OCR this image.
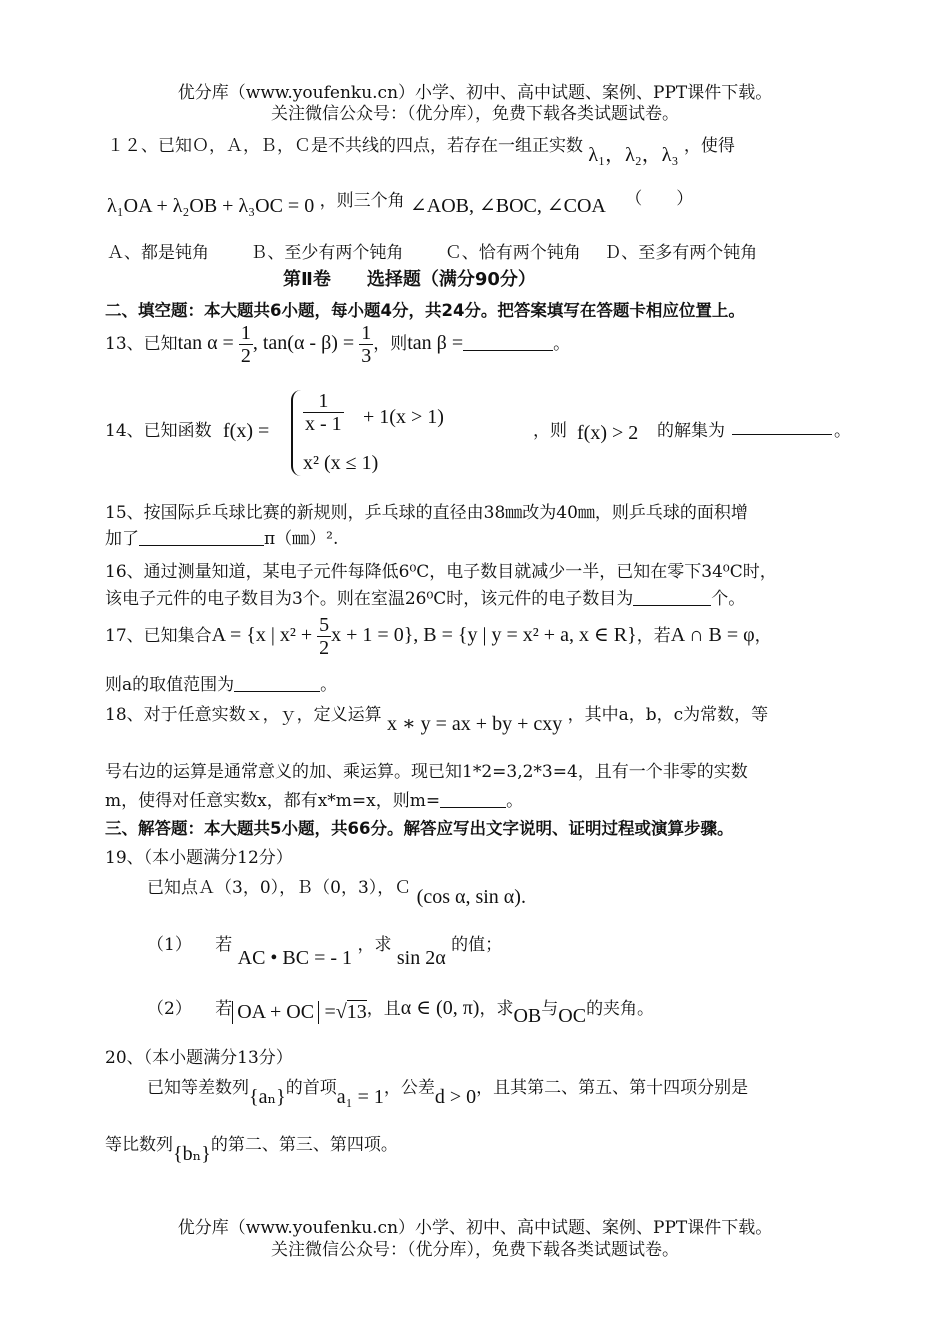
优分库（www.youfenku.cn）小学、初中、高中试题、案例、PPT课件下载。
关注微信公众号：（优分库），免费下载各类试题试卷。
１２、已知Ｏ，Ａ，Ｂ，Ｃ是不共线的四点，若存在一组正实数 λ₁，λ₂，λ₃ ，使得
λ₁OA + λ₂OB + λ₃OC = 0 ，则三个角 ∠AOB, ∠BOC, ∠COA （　　）
Ａ、都是钝角 Ｂ、至少有两个钝角 Ｃ、恰有两个钝角 Ｄ、至多有两个钝角
第Ⅱ卷　　选择题（满分90分）
二、填空题：本大题共6小题，每小题4分，共24分。把答案填写在答题卡相应位置上。
13、已知$\tan \alpha = \frac{1}{2}$ , $\tan(\alpha - \beta) = \frac{1}{3}$ ，则tan β =	。
14、已知函数 $f(x) = \frac{1}{x - 1} + 1(x > 1)$
x² (x ≤ 1)
，则 f(x) > 2 的解集为	。
15、按国际乒乓球比赛的新规则，乒乓球的直径由38㎜改为40㎜，则乒乓球的面积增
加了	π（㎜）².
16、通过测量知道，某电子元件每降低6⁰C，电子数目就减少一半，已知在零下34⁰C时，
该电子元件的电子数目为3个。则在室温26⁰C时，该元件的电子数目为	个。
17、已知集合A = {x | $x^2 + \frac{5}{2}$ x + 1 = 0}, B = {y | y = x² + a, x ∈ R}，若A ∩ B = φ，
则a的取值范围为	。
18、对于任意实数ｘ，ｙ，定义运算 x ∗ y = ax + by + cxy ，其中a，b，c为常数，等
号右边的运算是通常意义的加、乘运算。现已知1*2=3,2*3=4，且有一个非零的实数
m，使得对任意实数x，都有x*m=x，则m=	。
三、解答题：本大题共5小题，共66分。解答应写出文字说明、证明过程或演算步骤。
19、（本小题满分12分）
已知点Ａ（3，0），Ｂ（0，3），Ｃ (cos α, sin α).
（1） 若 AC • BC = - 1 ，求 sin 2α 的值；
（2） 若 OA + OC =√13，且α ∈ (0, π)，求OB与OC的夹角。
20、（本小题满分13分）
已知等差数列{aₙ}的首项a₁ = 1，公差d > 0，且其第二、第五、第十四项分别是
等比数列{bₙ}的第二、第三、第四项。
优分库（www.youfenku.cn）小学、初中、高中试题、案例、PPT课件下载。
关注微信公众号：（优分库），免费下载各类试题试卷。
